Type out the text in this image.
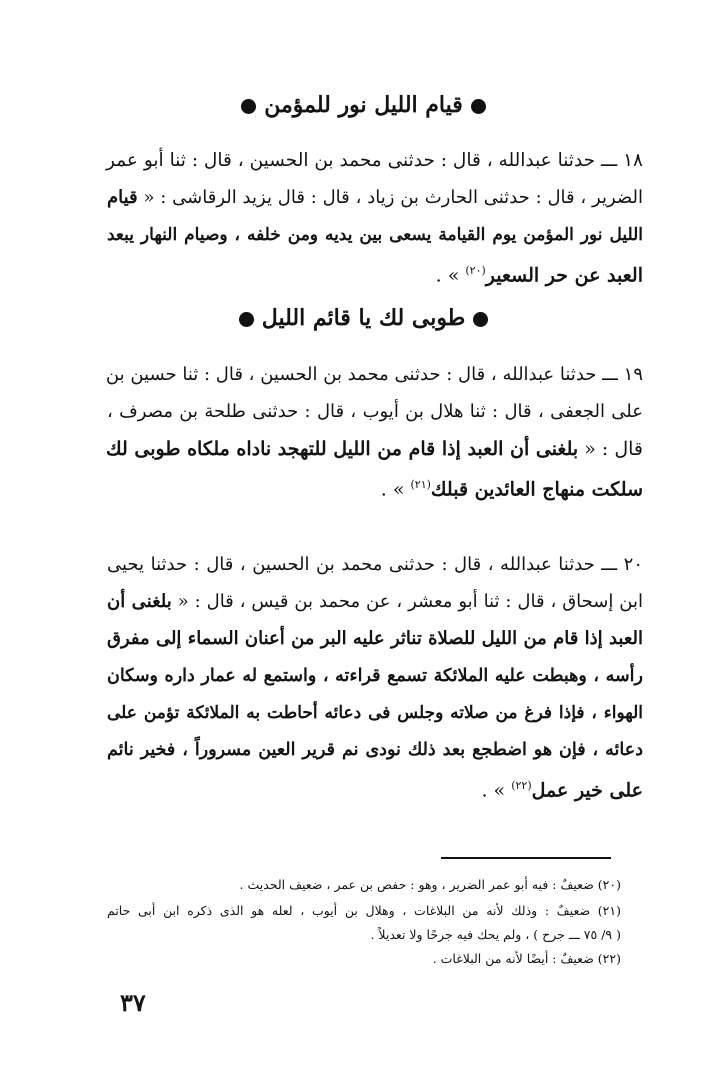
قيام الليل نور للمؤمن
١٨ ـــ حدثنا عبدالله ، قال : حدثنى محمد بن الحسين ، قال : ثنا أبو عمر
الضرير ، قال : حدثنى الحارث بن زياد ، قال : قال يزيد الرقاشى : « قيام
الليل نور المؤمن يوم القيامة يسعى بين يديه ومن خلفه ، وصيام النهار يبعد
العبد عن حر السعير$^{(٢٠)}$ » .
طوبى لك يا قائم الليل
١٩ ـــ حدثنا عبدالله ، قال : حدثنى محمد بن الحسين ، قال : ثنا حسين بن
على الجعفى ، قال : ثنا هلال بن أيوب ، قال : حدثنى طلحة بن مصرف ،
قال : « بلغنى أن العبد إذا قام من الليل للتهجد ناداه ملكاه طوبى لك
سلكت منهاج العائدين قبلك$^{(٢١)}$ » .
٢٠ ـــ حدثنا عبدالله ، قال : حدثنى محمد بن الحسين ، قال : حدثنا يحيى
ابن إسحاق ، قال : ثنا أبو معشر ، عن محمد بن قيس ، قال : « بلغنى أن
العبد إذا قام من الليل للصلاة تناثر عليه البر من أعنان السماء إلى مفرق
رأسه ، وهبطت عليه الملائكة تسمع قراءته ، واستمع له عمار داره وسكان
الهواء ، فإذا فرغ من صلاته وجلس فى دعائه أحاطت به الملائكة تؤمن على
دعائه ، فإن هو اضطجع بعد ذلك نودى نم قرير العين مسروراً ، فخير نائم
على خير عمل$^{(٢٢)}$ » .
(٢٠) ضعيفٌ : فيه أبو عمر الضرير ، وهو : حفص بن عمر ، ضعيف الحديث .
(٢١) ضعيفٌ : وذلك لأنه من البلاغات ، وهلال بن أيوب ، لعله هو الذى ذكره ابن أبى حاتم
( ٩/ ٧٥ ـــ جرح ) ، ولم يحك فيه جرحًا ولا تعديلاً .
(٢٢) ضعيفٌ : أيضًا لأنه من البلاغات .
٣٧
